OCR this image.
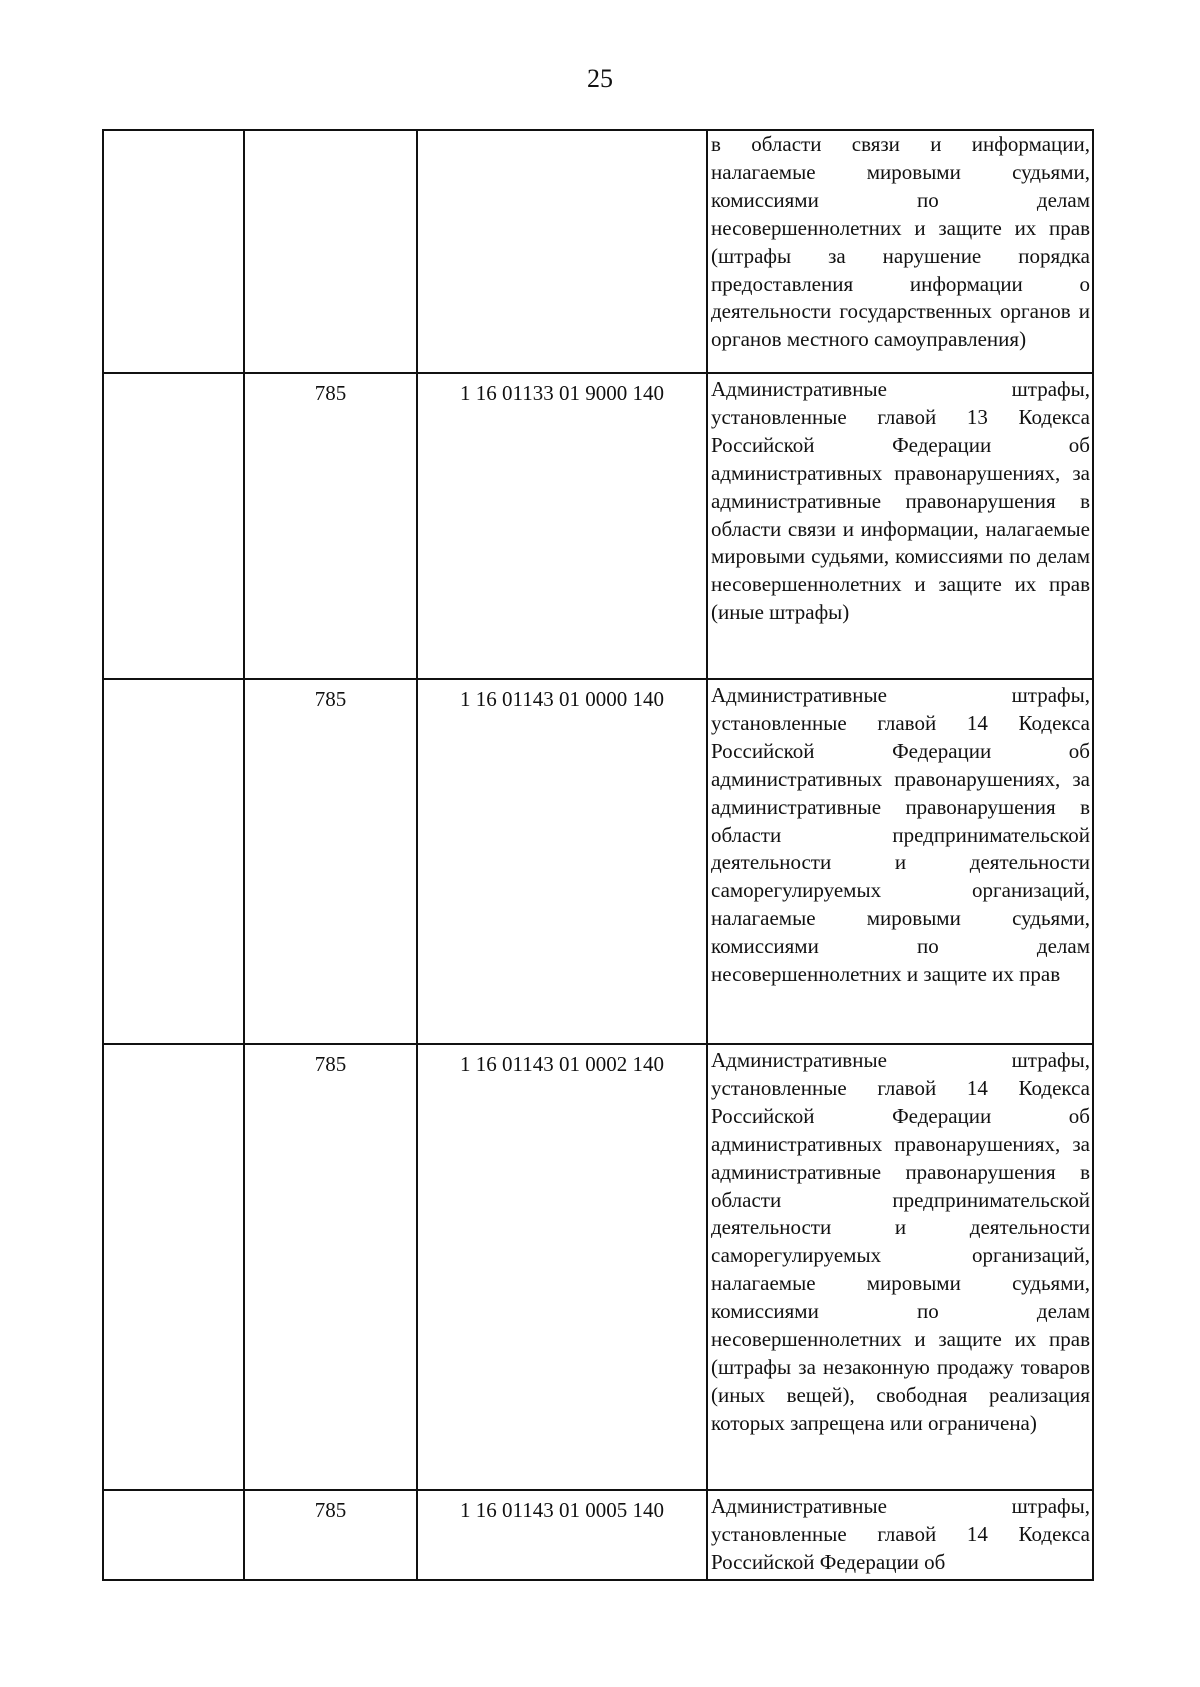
25

			в области связи и информации, налагаемые мировыми судьями, комиссиями по делам несовершеннолетних и защите их прав (штрафы за нарушение порядка предоставления информации о деятельности государственных органов и органов местного самоуправления)

	785	1 16 01133 01 9000 140	Административные штрафы, установленные главой 13 Кодекса Российской Федерации об административных правонарушениях, за административные правонарушения в области связи и информации, налагаемые мировыми судьями, комиссиями по делам несовершеннолетних и защите их прав (иные штрафы)

	785	1 16 01143 01 0000 140	Административные штрафы, установленные главой 14 Кодекса Российской Федерации об административных правонарушениях, за административные правонарушения в области предпринимательской деятельности и деятельности саморегулируемых организаций, налагаемые мировыми судьями, комиссиями по делам несовершеннолетних и защите их прав

	785	1 16 01143 01 0002 140	Административные штрафы, установленные главой 14 Кодекса Российской Федерации об административных правонарушениях, за административные правонарушения в области предпринимательской деятельности и деятельности саморегулируемых организаций, налагаемые мировыми судьями, комиссиями по делам несовершеннолетних и защите их прав (штрафы за незаконную продажу товаров (иных вещей), свободная реализация которых запрещена или ограничена)

	785	1 16 01143 01 0005 140	Административные штрафы, установленные главой 14 Кодекса Российской Федерации об
